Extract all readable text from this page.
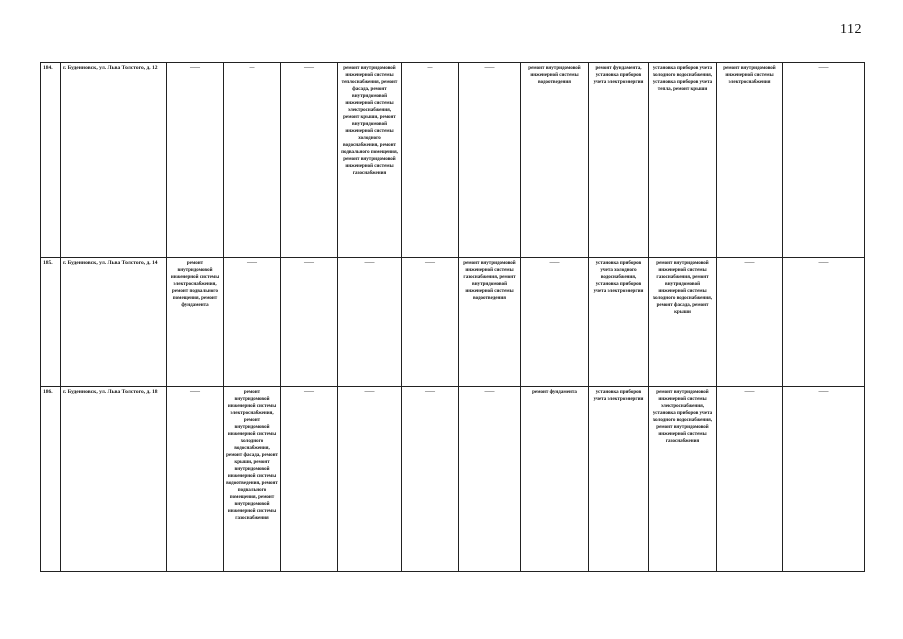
112
184.	г. Буденновск, ул. Льва Толстого, д. 12	——	—	——	ремонт внутридомовой инженерной системы теплоснабжения, ремонт фасада, ремонт внутридомовой инженерной системы электроснабжения, ремонт крыши, ремонт внутридомовой инженерной системы холодного водоснабжения, ремонт подвального помещения, ремонт внутридомовой инженерной системы газоснабжения	—	——	ремонт внутридомовой инженерной системы водоотведения	ремонт фундамента, установка приборов учета электроэнергии	установка приборов учета холодного водоснабжения, установка приборов учета тепла, ремонт крыши	ремонт внутридомовой инженерной системы электроснабжения	——
185.	г. Буденновск, ул. Льва Толстого, д. 14	ремонт внутридомовой инженерной системы электроснабжения, ремонт подвального помещения, ремонт фундамента	——	——	——	——	ремонт внутридомовой инженерной системы газоснабжения, ремонт внутридомовой инженерной системы водоотведения	——	установка приборов учета холодного водоснабжения, установка приборов учета электроэнергии	ремонт внутридомовой инженерной системы газоснабжения, ремонт внутридомовой инженерной системы холодного водоснабжения, ремонт фасада, ремонт крыши	——	——
186.	г. Буденновск, ул. Льва Толстого, д. 18	——	ремонт внутридомовой инженерной системы электроснабжения, ремонт внутридомовой инженерной системы холодного водоснабжения, ремонт фасада, ремонт крыши, ремонт внутридомовой инженерной системы водоотведения, ремонт подвального помещения, ремонт внутридомовой инженерной системы газоснабжения	——	——	——	——	ремонт фундамента	установка приборов учета электроэнергии	ремонт внутридомовой инженерной системы электроснабжения, установка приборов учета холодного водоснабжения, ремонт внутридомовой инженерной системы газоснабжения	——	——
